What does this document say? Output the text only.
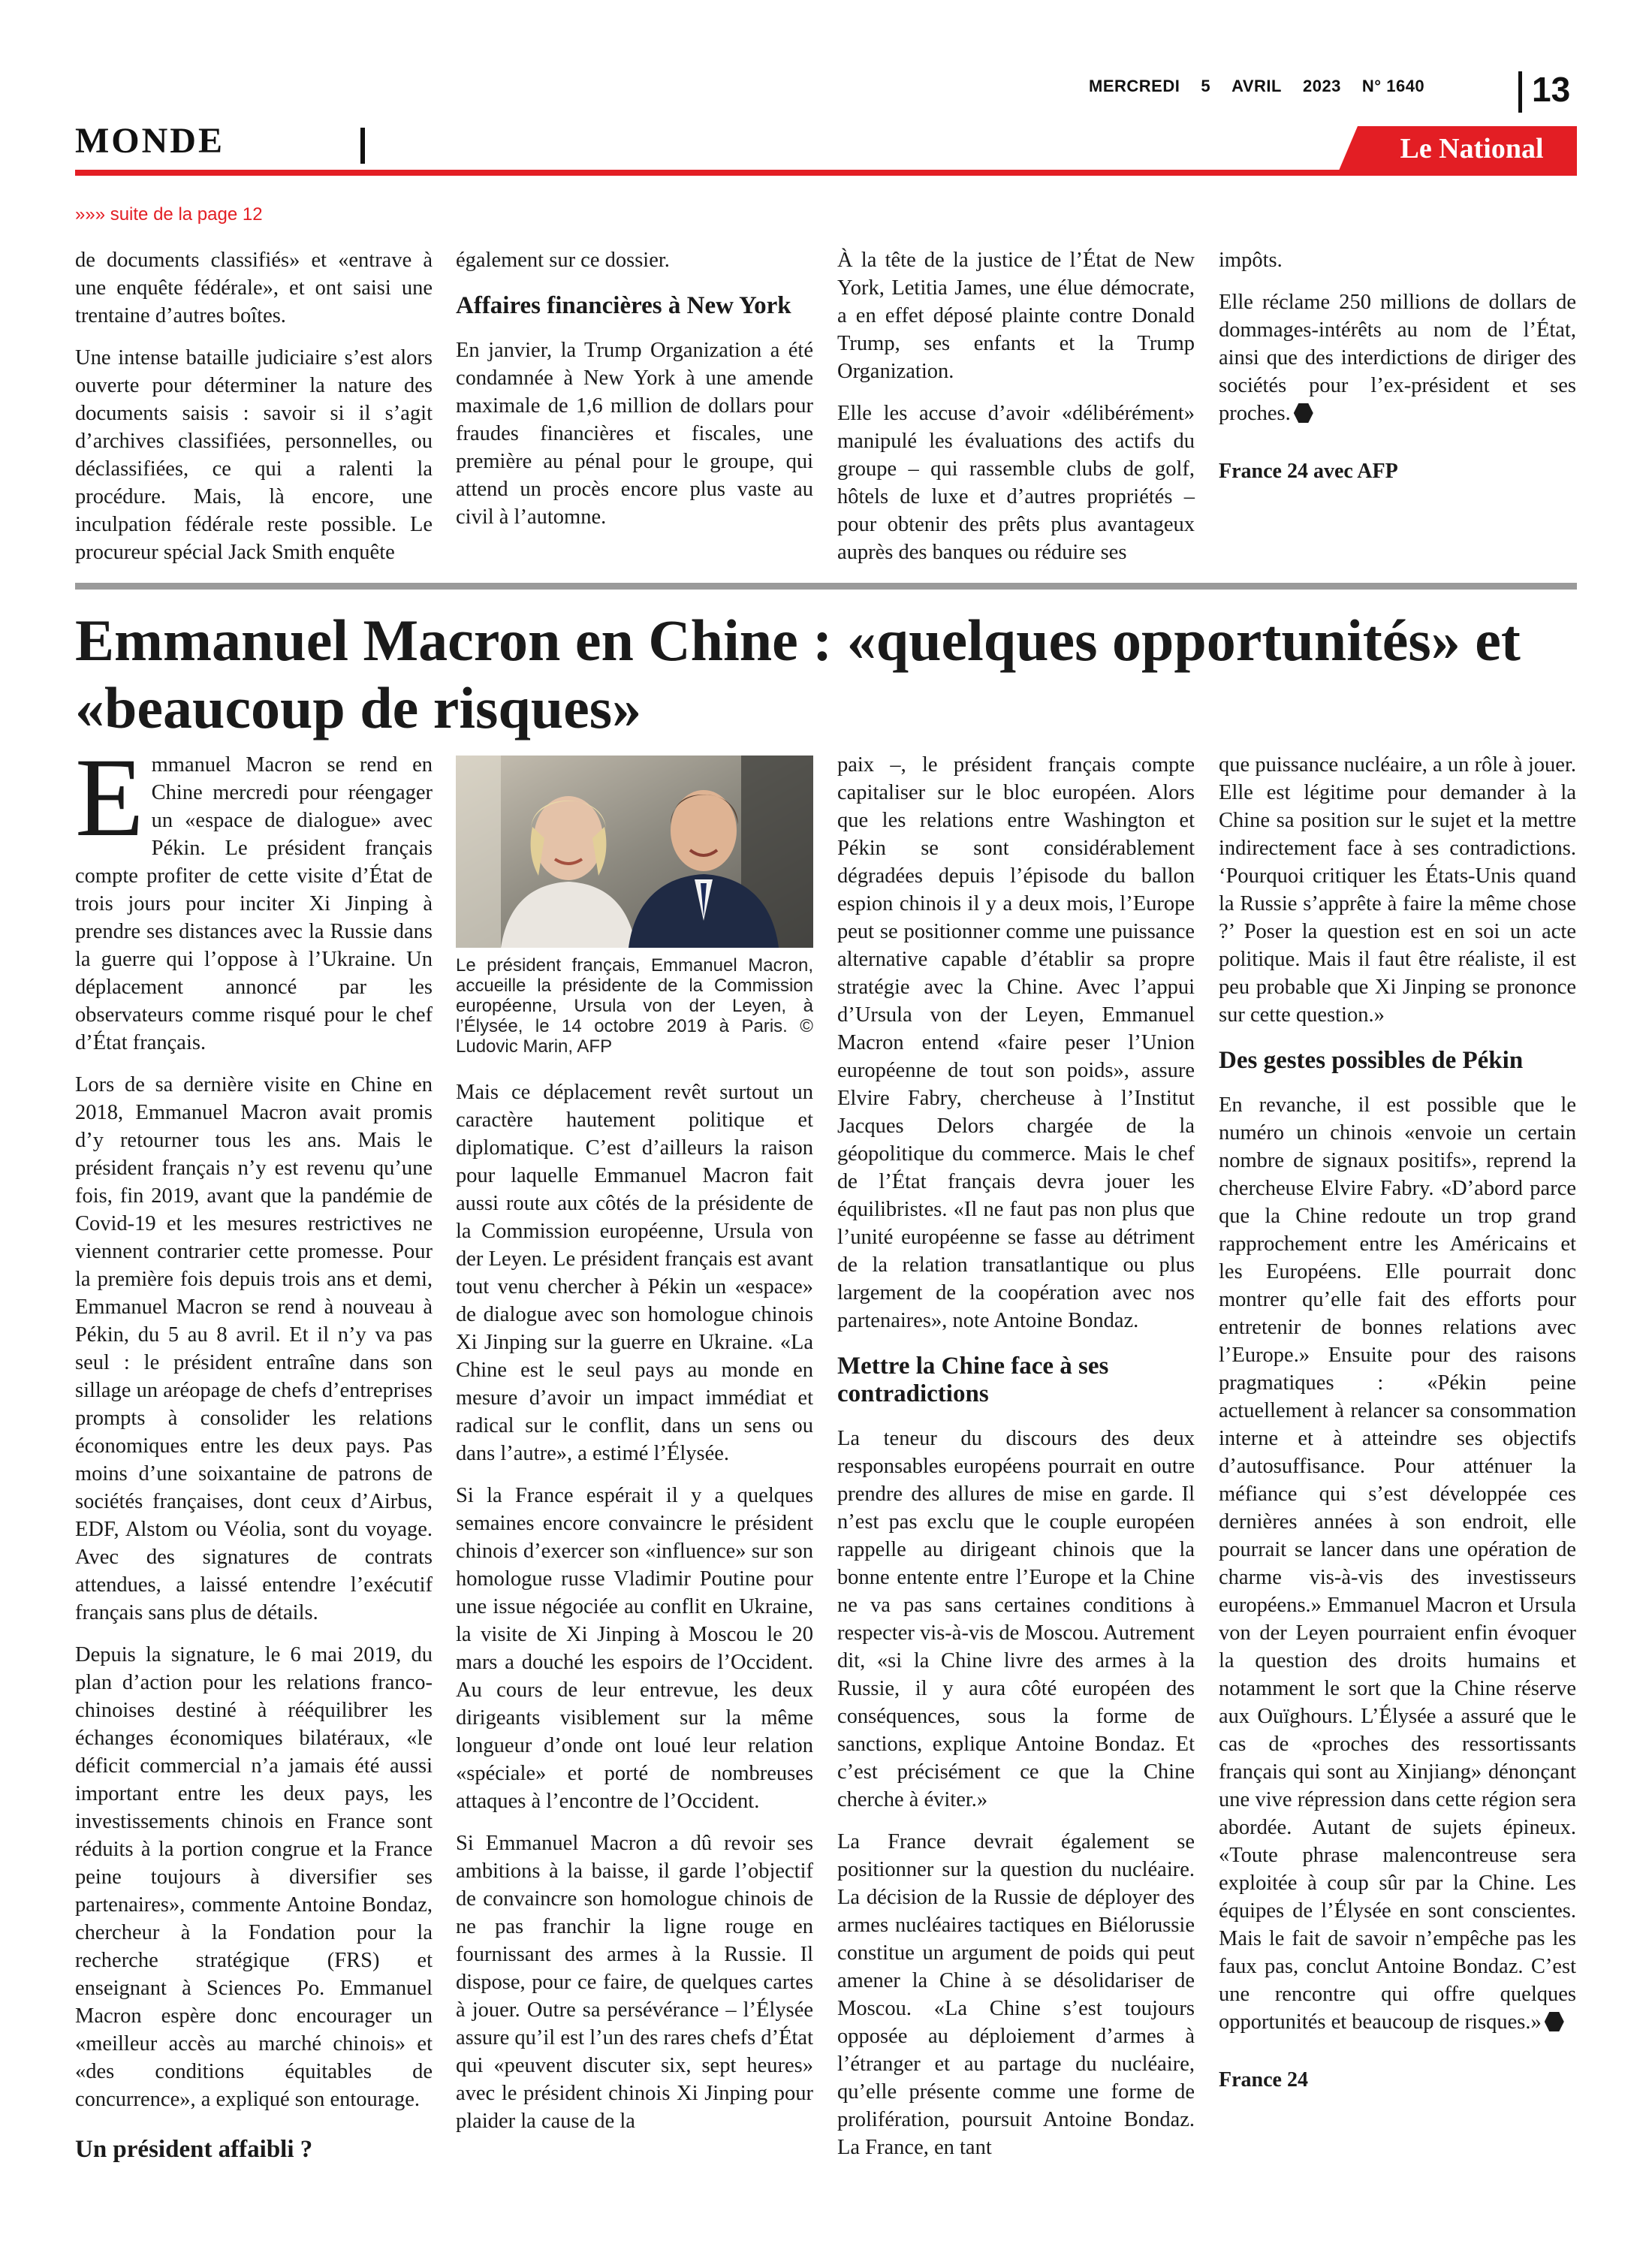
MERCREDI 5 AVRIL 2023 N° 1640	13
MONDE	Le National
»»» suite de la page 12

de documents classifiés» et «entrave à une enquête fédérale», et ont saisi une trentaine d’autres boîtes.

Une intense bataille judiciaire s’est alors ouverte pour déterminer la nature des documents saisis : savoir si il s’agit d’archives classifiées, personnelles, ou déclassifiées, ce qui a ralenti la procédure. Mais, là encore, une inculpation fédérale reste possible. Le procureur spécial Jack Smith enquête

également sur ce dossier.

Affaires financières à New York

En janvier, la Trump Organization a été condamnée à New York à une amende maximale de 1,6 million de dollars pour fraudes financières et fiscales, une première au pénal pour le groupe, qui attend un procès encore plus vaste au civil à l’automne.

À la tête de la justice de l’État de New York, Letitia James, une élue démocrate, a en effet déposé plainte contre Donald Trump, ses enfants et la Trump Organization.

Elle les accuse d’avoir «délibérément» manipulé les évaluations des actifs du groupe – qui rassemble clubs de golf, hôtels de luxe et d’autres propriétés – pour obtenir des prêts plus avantageux auprès des banques ou réduire ses

impôts.

Elle réclame 250 millions de dollars de dommages-intérêts au nom de l’État, ainsi que des interdictions de diriger des sociétés pour l’ex-président et ses proches.

France 24 avec AFP
Emmanuel Macron en Chine : «quelques opportunités» et «beaucoup de risques»

Emmanuel Macron se rend en Chine mercredi pour réengager un «espace de dialogue» avec Pékin. Le président français compte profiter de cette visite d’État de trois jours pour inciter Xi Jinping à prendre ses distances avec la Russie dans la guerre qui l’oppose à l’Ukraine. Un déplacement annoncé par les observateurs comme risqué pour le chef d’État français.

Lors de sa dernière visite en Chine en 2018, Emmanuel Macron avait promis d’y retourner tous les ans. Mais le président français n’y est revenu qu’une fois, fin 2019, avant que la pandémie de Covid-19 et les mesures restrictives ne viennent contrarier cette promesse. Pour la première fois depuis trois ans et demi, Emmanuel Macron se rend à nouveau à Pékin, du 5 au 8 avril. Et il n’y va pas seul : le président entraîne dans son sillage un aréopage de chefs d’entreprises prompts à consolider les relations économiques entre les deux pays. Pas moins d’une soixantaine de patrons de sociétés françaises, dont ceux d’Airbus, EDF, Alstom ou Véolia, sont du voyage. Avec des signatures de contrats attendues, a laissé entendre l’exécutif français sans plus de détails.

Depuis la signature, le 6 mai 2019, du plan d’action pour les relations franco-chinoises destiné à rééquilibrer les échanges économiques bilatéraux, «le déficit commercial n’a jamais été aussi important entre les deux pays, les investissements chinois en France sont réduits à la portion congrue et la France peine toujours à diversifier ses partenaires», commente Antoine Bondaz, chercheur à la Fondation pour la recherche stratégique (FRS) et enseignant à Sciences Po. Emmanuel Macron espère donc encourager un «meilleur accès au marché chinois» et «des conditions équitables de concurrence», a expliqué son entourage.

Un président affaibli ?
Le président français, Emmanuel Macron, accueille la présidente de la Commission européenne, Ursula von der Leyen, à l’Élysée, le 14 octobre 2019 à Paris. © Ludovic Marin, AFP

Mais ce déplacement revêt surtout un caractère hautement politique et diplomatique. C’est d’ailleurs la raison pour laquelle Emmanuel Macron fait aussi route aux côtés de la présidente de la Commission européenne, Ursula von der Leyen. Le président français est avant tout venu chercher à Pékin un «espace» de dialogue avec son homologue chinois Xi Jinping sur la guerre en Ukraine. «La Chine est le seul pays au monde en mesure d’avoir un impact immédiat et radical sur le conflit, dans un sens ou dans l’autre», a estimé l’Élysée.

Si la France espérait il y a quelques semaines encore convaincre le président chinois d’exercer son «influence» sur son homologue russe Vladimir Poutine pour une issue négociée au conflit en Ukraine, la visite de Xi Jinping à Moscou le 20 mars a douché les espoirs de l’Occident. Au cours de leur entrevue, les deux dirigeants visiblement sur la même longueur d’onde ont loué leur relation «spéciale» et porté de nombreuses attaques à l’encontre de l’Occident.

Si Emmanuel Macron a dû revoir ses ambitions à la baisse, il garde l’objectif de convaincre son homologue chinois de ne pas franchir la ligne rouge en fournissant des armes à la Russie. Il dispose, pour ce faire, de quelques cartes à jouer. Outre sa persévérance – l’Élysée assure qu’il est l’un des rares chefs d’État qui «peuvent discuter six, sept heures» avec le président chinois Xi Jinping pour plaider la cause de la

paix –, le président français compte capitaliser sur le bloc européen. Alors que les relations entre Washington et Pékin se sont considérablement dégradées depuis l’épisode du ballon espion chinois il y a deux mois, l’Europe peut se positionner comme une puissance alternative capable d’établir sa propre stratégie avec la Chine. Avec l’appui d’Ursula von der Leyen, Emmanuel Macron entend «faire peser l’Union européenne de tout son poids», assure Elvire Fabry, chercheuse à l’Institut Jacques Delors chargée de la géopolitique du commerce. Mais le chef de l’État français devra jouer les équilibristes. «Il ne faut pas non plus que l’unité européenne se fasse au détriment de la relation transatlantique ou plus largement de la coopération avec nos partenaires», note Antoine Bondaz.

Mettre la Chine face à ses contradictions

La teneur du discours des deux responsables européens pourrait en outre prendre des allures de mise en garde. Il n’est pas exclu que le couple européen rappelle au dirigeant chinois que la bonne entente entre l’Europe et la Chine ne va pas sans certaines conditions à respecter vis-à-vis de Moscou. Autrement dit, «si la Chine livre des armes à la Russie, il y aura côté européen des conséquences, sous la forme de sanctions, explique Antoine Bondaz. Et c’est précisément ce que la Chine cherche à éviter.»

La France devrait également se positionner sur la question du nucléaire. La décision de la Russie de déployer des armes nucléaires tactiques en Biélorussie constitue un argument de poids qui peut amener la Chine à se désolidariser de Moscou. «La Chine s’est toujours opposée au déploiement d’armes à l’étranger et au partage du nucléaire, qu’elle présente comme une forme de prolifération, poursuit Antoine Bondaz. La France, en tant

que puissance nucléaire, a un rôle à jouer. Elle est légitime pour demander à la Chine sa position sur le sujet et la mettre indirectement face à ses contradictions. ‘Pourquoi critiquer les États-Unis quand la Russie s’apprête à faire la même chose ?’ Poser la question est en soi un acte politique. Mais il faut être réaliste, il est peu probable que Xi Jinping se prononce sur cette question.»

Des gestes possibles de Pékin

En revanche, il est possible que le numéro un chinois «envoie un certain nombre de signaux positifs», reprend la chercheuse Elvire Fabry. «D’abord parce que la Chine redoute un trop grand rapprochement entre les Américains et les Européens. Elle pourrait donc montrer qu’elle fait des efforts pour entretenir de bonnes relations avec l’Europe.» Ensuite pour des raisons pragmatiques : «Pékin peine actuellement à relancer sa consommation interne et à atteindre ses objectifs d’autosuffisance. Pour atténuer la méfiance qui s’est développée ces dernières années à son endroit, elle pourrait se lancer dans une opération de charme vis-à-vis des investisseurs européens.» Emmanuel Macron et Ursula von der Leyen pourraient enfin évoquer la question des droits humains et notamment le sort que la Chine réserve aux Ouïghours. L’Élysée a assuré que le cas de «proches des ressortissants français qui sont au Xinjiang» dénonçant une vive répression dans cette région sera abordée. Autant de sujets épineux. «Toute phrase malencontreuse sera exploitée à coup sûr par la Chine. Les équipes de l’Élysée en sont conscientes. Mais le fait de savoir n’empêche pas les faux pas, conclut Antoine Bondaz. C’est une rencontre qui offre quelques opportunités et beaucoup de risques.»

France 24
